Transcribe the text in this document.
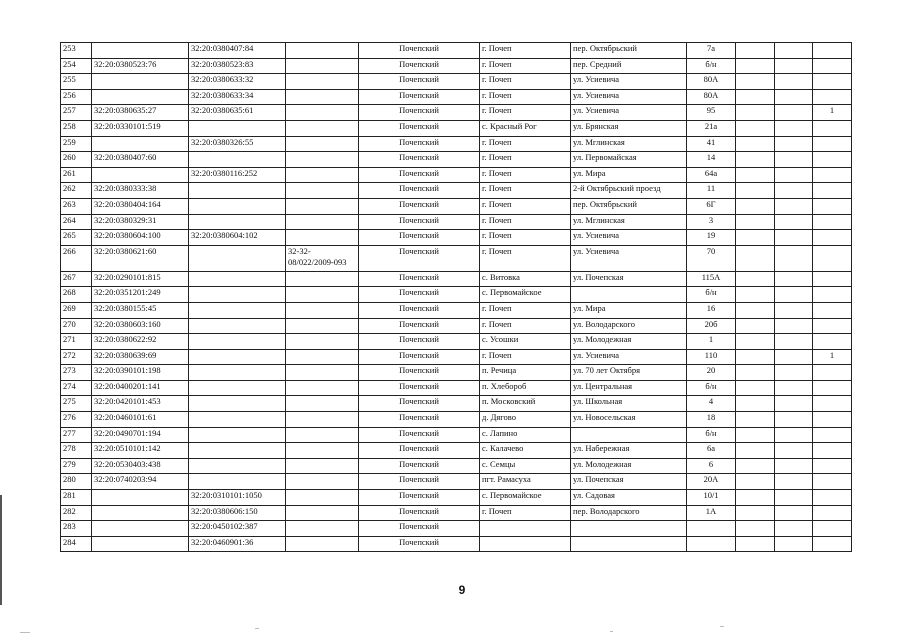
253		32:20:0380407:84		Почепский	г. Почеп	пер. Октябрьский	7а			
254	32:20:0380523:76	32:20:0380523:83		Почепский	г. Почеп	пер. Средний	б/н			
255		32:20:0380633:32		Почепский	г. Почеп	ул. Усиевича	80А			
256		32:20:0380633:34		Почепский	г. Почеп	ул. Усиевича	80А			
257	32:20:0380635:27	32:20:0380635:61		Почепский	г. Почеп	ул. Усиевича	95			1
258	32:20:0330101:519			Почепский	с. Красный Рог	ул. Брянская	21а			
259		32:20:0380326:55		Почепский	г. Почеп	ул. Мглинская	41			
260	32:20:0380407:60			Почепский	г. Почеп	ул. Первомайская	14			
261		32:20:0380116:252		Почепский	г. Почеп	ул. Мира	64а			
262	32:20:0380333:38			Почепский	г. Почеп	2-й Октябрьский проезд	11			
263	32:20:0380404:164			Почепский	г. Почеп	пер. Октябрьский	6Г			
264	32:20:0380329:31			Почепский	г. Почеп	ул. Мглинская	3			
265	32:20:0380604:100	32:20:0380604:102		Почепский	г. Почеп	ул. Усиевича	19			
266	32:20:0380621:60		32-32-08/022/2009-093	Почепский	г. Почеп	ул. Усиевича	70			
267	32:20:0290101:815			Почепский	с. Витовка	ул. Почепская	115А			
268	32:20:0351201:249			Почепский	с. Первомайское		б/н			
269	32:20:0380155:45			Почепский	г. Почеп	ул. Мира	16			
270	32:20:0380603:160			Почепский	г. Почеп	ул. Володарского	20б			
271	32:20:0380622:92			Почепский	с. Усошки	ул. Молодежная	1			
272	32:20:0380639:69			Почепский	г. Почеп	ул. Усиевича	110			1
273	32:20:0390101:198			Почепский	п. Речица	ул. 70 лет Октября	20			
274	32:20:0400201:141			Почепский	п. Хлебороб	ул. Центральная	б/н			
275	32:20:0420101:453			Почепский	п. Московский	ул. Школьная	4			
276	32:20:0460101:61			Почепский	д. Дягово	ул. Новосельская	18			
277	32:20:0490701:194			Почепский	с. Лапино		б/н			
278	32:20:0510101:142			Почепский	с. Калачево	ул. Набережная	6а			
279	32:20:0530403:438			Почепский	с. Семцы	ул. Молодежная	6			
280	32:20:0740203:94			Почепский	пгт. Рамасуха	ул. Почепская	20А			
281		32:20:0310101:1050		Почепский	с. Первомайское	ул. Садовая	10/1			
282		32:20:0380606:150		Почепский	г. Почеп	пер. Володарского	1А			
283		32:20:0450102:387		Почепский						
284		32:20:0460901:36		Почепский						
9
